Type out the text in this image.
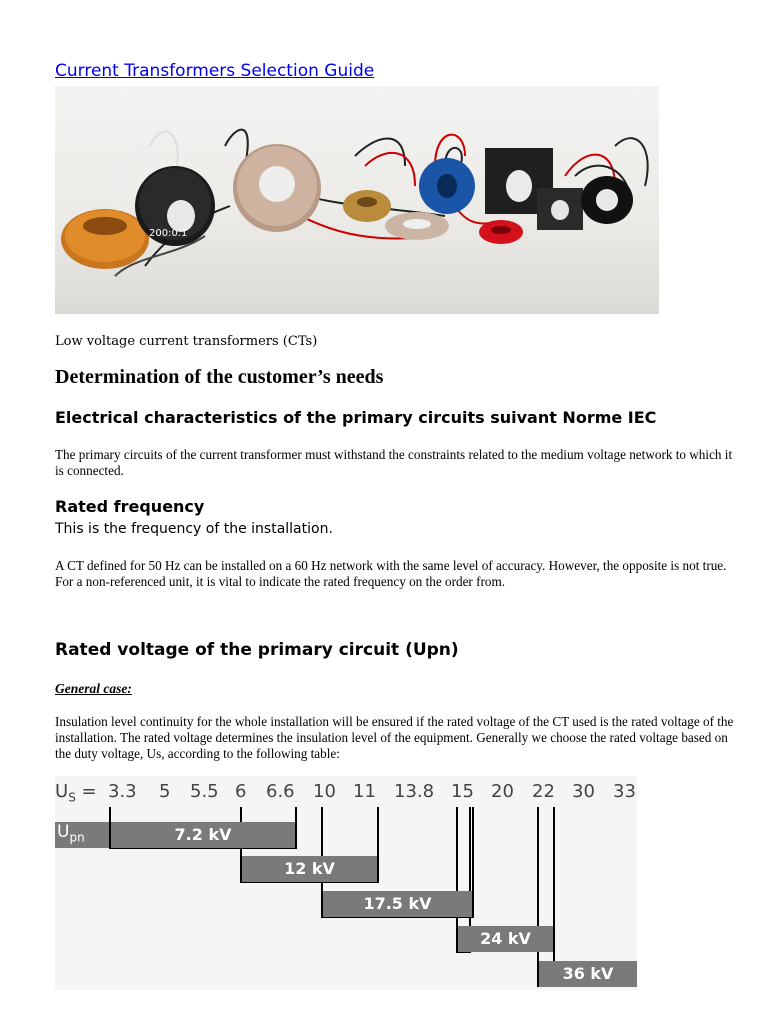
Current Transformers Selection Guide
200:0.1
Low voltage current transformers (CTs)
Determination of the customer’s needs
Electrical characteristics of the primary circuits suivant Norme IEC
The primary circuits of the current transformer must withstand the constraints related to the medium voltage network to which it is connected.
Rated frequency
This is the frequency of the installation.
A CT defined for 50 Hz can be installed on a 60 Hz network with the same level of accuracy. However, the opposite is not true. For a non-referenced unit, it is vital to indicate the rated frequency on the order from.
Rated voltage of the primary circuit (Upn)
General case:
Insulation level continuity for the whole installation will be ensured if the rated voltage of the CT used is the rated voltage of the installation. The rated voltage determines the insulation level of the equipment. Generally we choose the rated voltage based on the duty voltage, Us, according to the following table:
$U_S = 3.3$ 5 5.5 6 6.6 10 11 13.8 15 20 22 30 33
$U_{pn}$	7.2 kV
12 kV
17.5 kV
24 kV
36 kV
